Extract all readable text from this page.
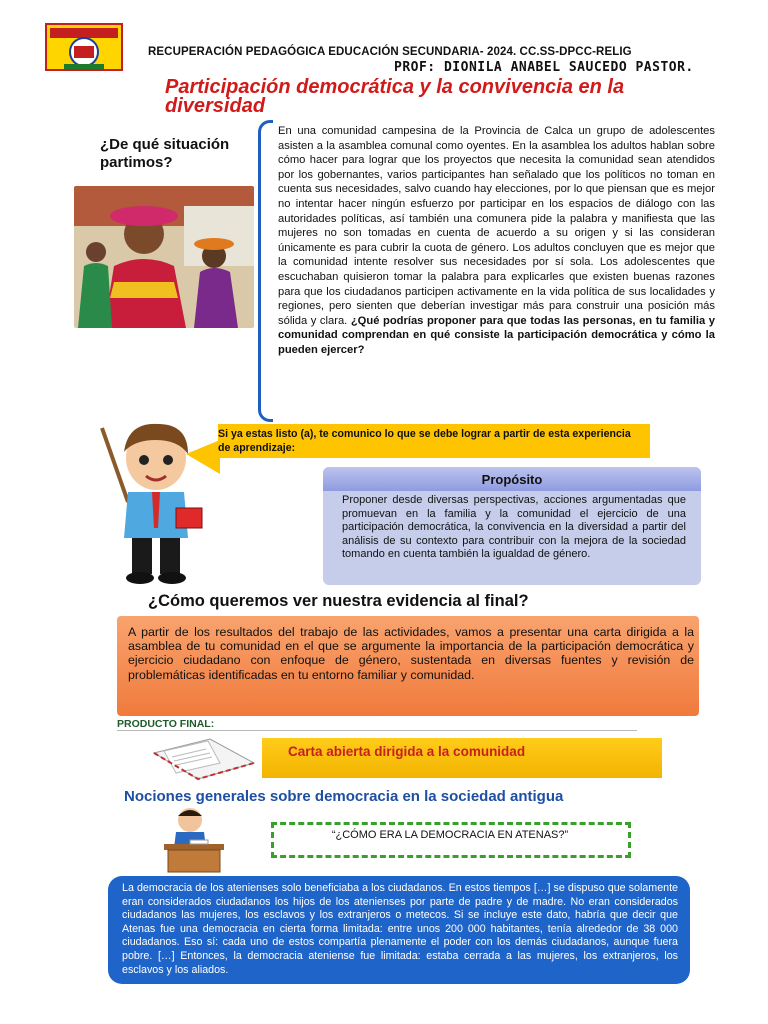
RECUPERACIÓN PEDAGÓGICA EDUCACIÓN SECUNDARIA- 2024. CC.SS-DPCC-RELIG
PROF: DIONILA ANABEL SAUCEDO PASTOR.
Participación democrática y la convivencia en la diversidad
¿De qué situación partimos?
En una comunidad campesina de la Provincia de Calca un grupo de adolescentes asisten a la asamblea comunal como oyentes. En la asamblea los adultos hablan sobre cómo hacer para lograr que los proyectos que necesita la comunidad sean atendidos por los gobernantes, varios participantes han señalado que los políticos no toman en cuenta sus necesidades, salvo cuando hay elecciones, por lo que piensan que es mejor no intentar hacer ningún esfuerzo por participar en los espacios de diálogo con las autoridades políticas, así también una comunera pide la palabra y manifiesta que las mujeres no son tomadas en cuenta de acuerdo a su origen y si las consideran únicamente es para cubrir la cuota de género. Los adultos concluyen que es mejor que la comunidad intente resolver sus necesidades por sí sola. Los adolescentes que escuchaban quisieron tomar la palabra para explicarles que existen buenas razones para que los ciudadanos participen activamente en la vida política de sus localidades y regiones, pero sienten que deberían investigar más para construir una posición más sólida y clara. ¿Qué podrías proponer para que todas las personas, en tu familia y comunidad comprendan en qué consiste la participación democrática y cómo la pueden ejercer?
Si ya estas listo (a), te comunico lo que se debe lograr a partir de esta experiencia de aprendizaje:
Propósito
Proponer desde diversas perspectivas, acciones argumentadas que promuevan en la familia y la comunidad el ejercicio de una participación democrática, la convivencia en la diversidad a partir del análisis de su contexto para contribuir con la mejora de la sociedad tomando en cuenta también la igualdad de género.
¿Cómo queremos ver nuestra evidencia al final?
A partir de los resultados del trabajo de las actividades, vamos a presentar una carta dirigida a la asamblea de tu comunidad en el que se argumente la importancia de la participación democrática y ejercicio ciudadano con enfoque de género, sustentada en diversas fuentes y revisión de problemáticas identificadas en tu entorno familiar y comunidad.
PRODUCTO FINAL:
Carta abierta dirigida a la comunidad
Nociones generales sobre democracia en la sociedad antigua
“¿CÓMO ERA LA DEMOCRACIA EN ATENAS?”
La democracia de los atenienses solo beneficiaba a los ciudadanos. En estos tiempos […] se dispuso que solamente eran considerados ciudadanos los hijos de los atenienses por parte de padre y de madre. No eran considerados ciudadanos las mujeres, los esclavos y los extranjeros o metecos. Si se incluye este dato, habría que decir que Atenas fue una democracia en cierta forma limitada: entre unos 200 000 habitantes, tenía alrededor de 38 000 ciudadanos. Eso sí: cada uno de estos compartía plenamente el poder con los demás ciudadanos, aunque fuera pobre. […] Entonces, la democracia ateniense fue limitada: estaba cerrada a las mujeres, los extranjeros, los esclavos y los aliados.
